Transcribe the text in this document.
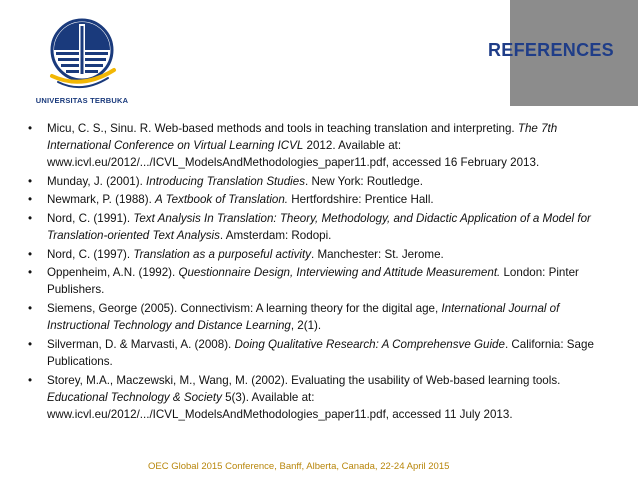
UNIVERSITAS TERBUKA
REFERENCES
• Micu, C. S., Sinu. R. Web-based methods and tools in teaching translation and interpreting. The 7th International Conference on Virtual Learning ICVL 2012. Available at: www.icvl.eu/2012/.../ICVL_ModelsAndMethodologies_paper11.pdf, accessed 16 February 2013.
• Munday, J. (2001). Introducing Translation Studies. New York: Routledge.
• Newmark, P. (1988). A Textbook of Translation. Hertfordshire: Prentice Hall.
• Nord, C. (1991). Text Analysis In Translation: Theory, Methodology, and Didactic Application of a Model for Translation-oriented Text Analysis. Amsterdam: Rodopi.
• Nord, C. (1997). Translation as a purposeful activity. Manchester: St. Jerome.
• Oppenheim, A.N. (1992). Questionnaire Design, Interviewing and Attitude Measurement. London: Pinter Publishers.
• Siemens, George (2005). Connectivism: A learning theory for the digital age, International Journal of Instructional Technology and Distance Learning, 2(1).
• Silverman, D. & Marvasti, A. (2008). Doing Qualitative Research: A Comprehensve Guide. California: Sage Publications.
• Storey, M.A., Maczewski, M., Wang, M. (2002). Evaluating the usability of Web-based learning tools. Educational Technology & Society 5(3). Available at: www.icvl.eu/2012/.../ICVL_ModelsAndMethodologies_paper11.pdf, accessed 11 July 2013.
OEC Global 2015 Conference, Banff, Alberta, Canada, 22-24 April 2015
